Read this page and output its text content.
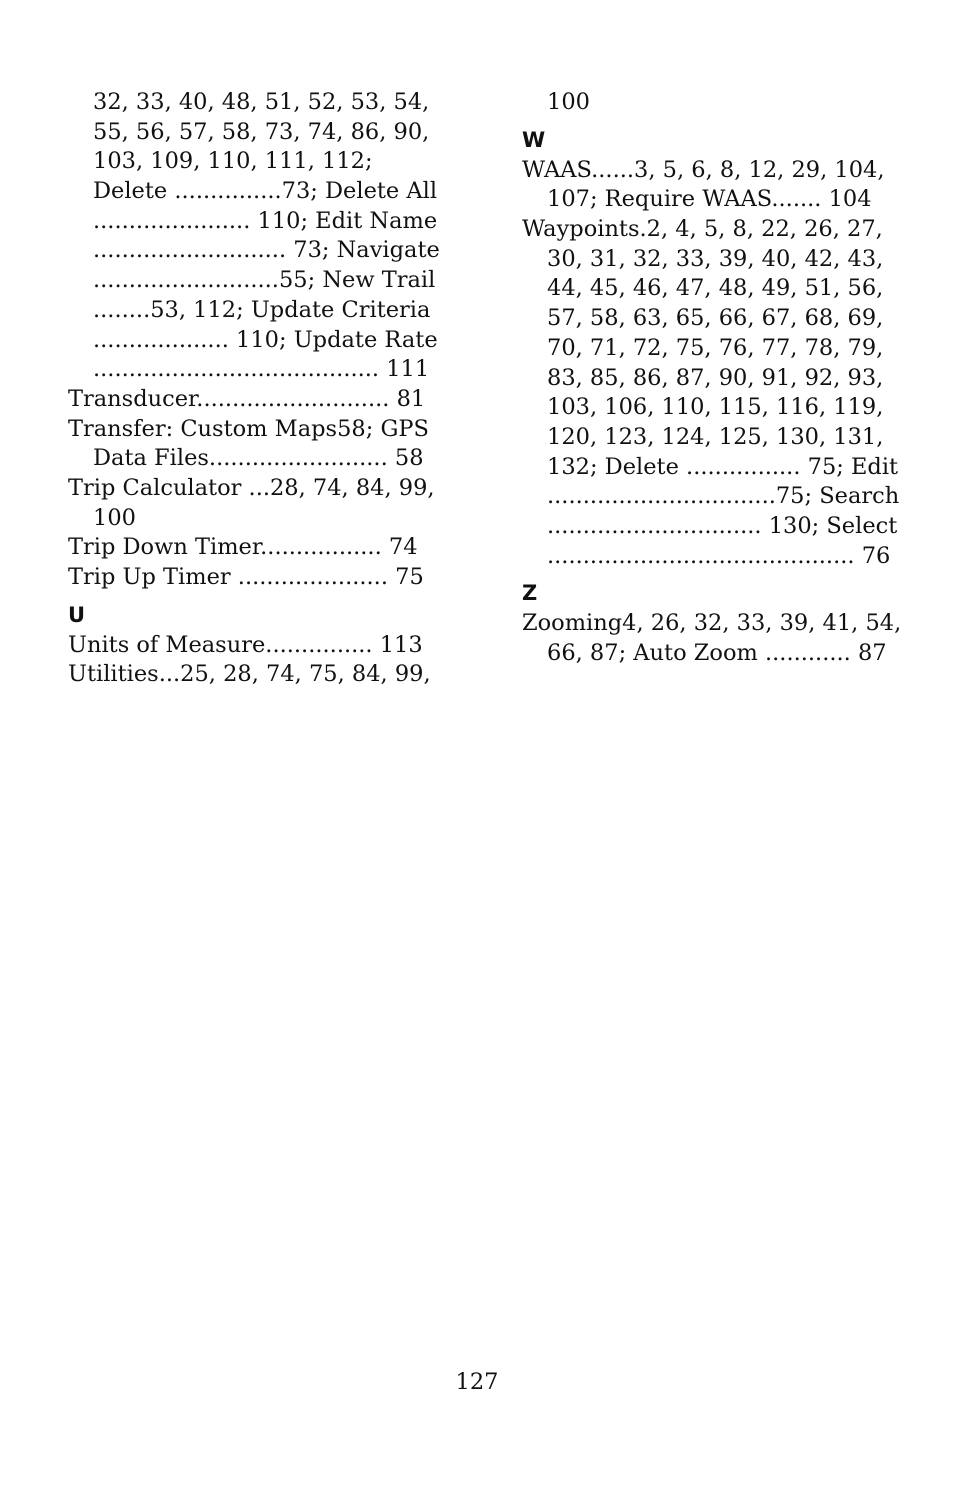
32, 33, 40, 48, 51, 52, 53, 54,
55, 56, 57, 58, 73, 74, 86, 90,
103, 109, 110, 111, 112;
Delete ...............73; Delete All
...................... 110; Edit Name
........................... 73; Navigate
..........................55; New Trail
........53, 112; Update Criteria
................... 110; Update Rate
........................................ 111
Transducer........................... 81
Transfer: Custom Maps58; GPS
Data Files......................... 58
Trip Calculator ...28, 74, 84, 99,
100
Trip Down Timer................. 74
Trip Up Timer ..................... 75
U
Units of Measure............... 113
Utilities...25, 28, 74, 75, 84, 99,
100
W
WAAS......3, 5, 6, 8, 12, 29, 104,
107; Require WAAS....... 104
Waypoints.2, 4, 5, 8, 22, 26, 27,
30, 31, 32, 33, 39, 40, 42, 43,
44, 45, 46, 47, 48, 49, 51, 56,
57, 58, 63, 65, 66, 67, 68, 69,
70, 71, 72, 75, 76, 77, 78, 79,
83, 85, 86, 87, 90, 91, 92, 93,
103, 106, 110, 115, 116, 119,
120, 123, 124, 125, 130, 131,
132; Delete ................ 75; Edit
................................75; Search
.............................. 130; Select
........................................... 76
Z
Zooming4, 26, 32, 33, 39, 41, 54,
66, 87; Auto Zoom ............ 87
127
